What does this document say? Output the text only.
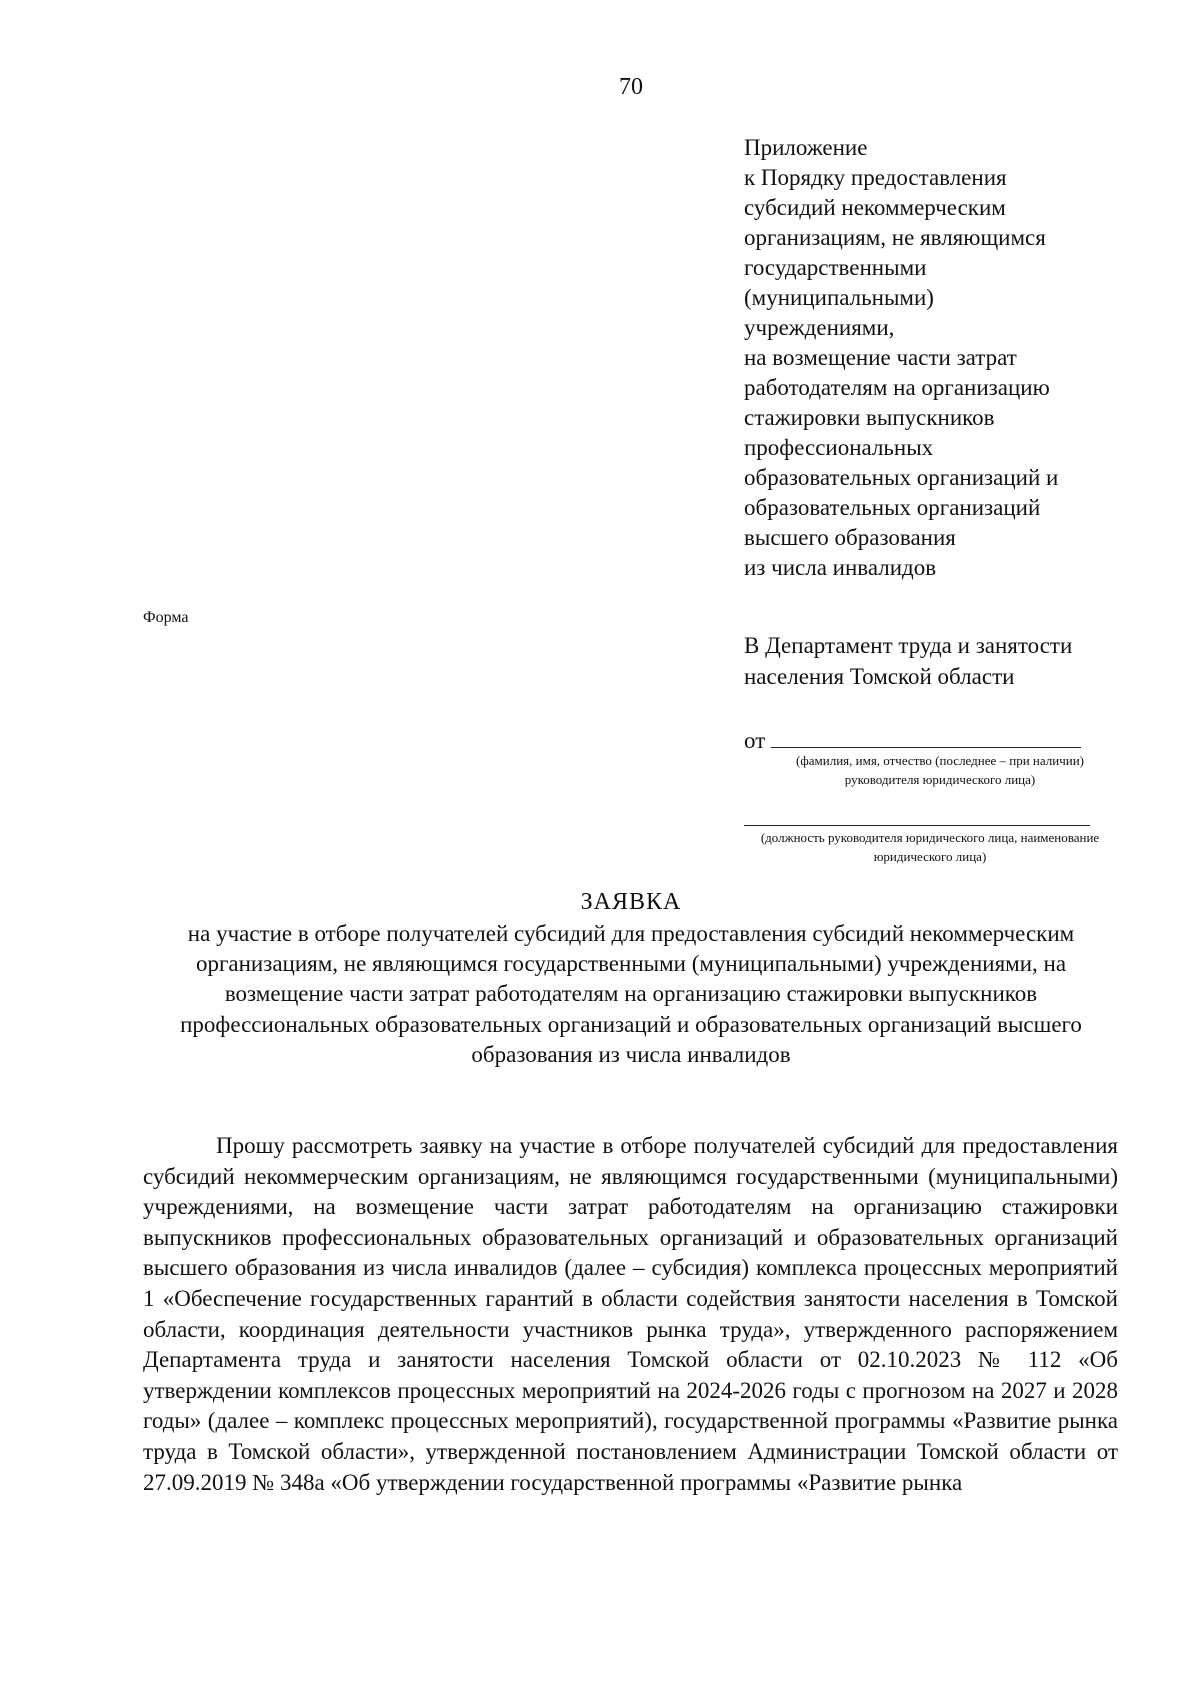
70
Приложение
к Порядку предоставления
субсидий некоммерческим
организациям, не являющимся
государственными
(муниципальными)
учреждениями,
на возмещение части затрат
работодателям на организацию
стажировки выпускников
профессиональных
образовательных организаций и
образовательных организаций
высшего образования
из числа инвалидов
Форма
В Департамент труда и занятости населения Томской области
от
(фамилия, имя, отчество (последнее – при наличии) руководителя юридического лица)
(должность руководителя юридического лица, наименование юридического лица)
ЗАЯВКА
на участие в отборе получателей субсидий для предоставления субсидий некоммерческим организациям, не являющимся государственными (муниципальными) учреждениями, на возмещение части затрат работодателям на организацию стажировки выпускников профессиональных образовательных организаций и образовательных организаций высшего образования из числа инвалидов
Прошу рассмотреть заявку на участие в отборе получателей субсидий для предоставления субсидий некоммерческим организациям, не являющимся государственными (муниципальными) учреждениями, на возмещение части затрат работодателям на организацию стажировки выпускников профессиональных образовательных организаций и образовательных организаций высшего образования из числа инвалидов (далее – субсидия) комплекса процессных мероприятий 1 «Обеспечение государственных гарантий в области содействия занятости населения в Томской области, координация деятельности участников рынка труда», утвержденного распоряжением Департамента труда и занятости населения Томской области от 02.10.2023 № 112 «Об утверждении комплексов процессных мероприятий на 2024-2026 годы с прогнозом на 2027 и 2028 годы» (далее – комплекс процессных мероприятий), государственной программы «Развитие рынка труда в Томской области», утвержденной постановлением Администрации Томской области от 27.09.2019 № 348а «Об утверждении государственной программы «Развитие рынка
